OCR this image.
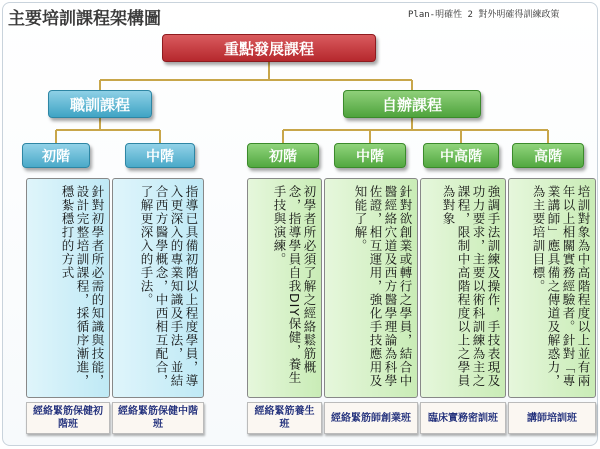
主要培訓課程架構圖	Plan-明確性 2 對外明確得訓練政策
重點發展課程
職訓課程	自辦課程
初階	中階	初階	中階	中高階	高階
針對初學者所必需的知識與技能，設計完整培訓課程，採循序漸進，穩紮穩打的方式	指導已具備初階以上程度學員，導入更深入的專業知識及手法，並結合西方醫學概念，中西相互配合，了解更深入的手法。	初學者所必須了解之經絡鬆筋概念，指導學員自我DIY保健，養生手技與演練。	針對欲創業或轉行之學員，結合中醫經絡穴道及西方醫學理論為科學佐證，相互運用，強化手技應用及知能了解。	強調手法訓練及操作，手技表現及功力要求，主要以術科訓練為主之課程，限制中高階程度以上之學員為對象	培訓對象為中高階程度以上並有兩年以上相關實務經驗者。針對「專業講師」應具備之傳道及解惑力，為主要培訓目標。
經絡緊筋保健初階班
經絡緊筋保健中階班
經絡緊筋養生班
經絡緊筋師創業班	臨床實務密訓班	講師培訓班
